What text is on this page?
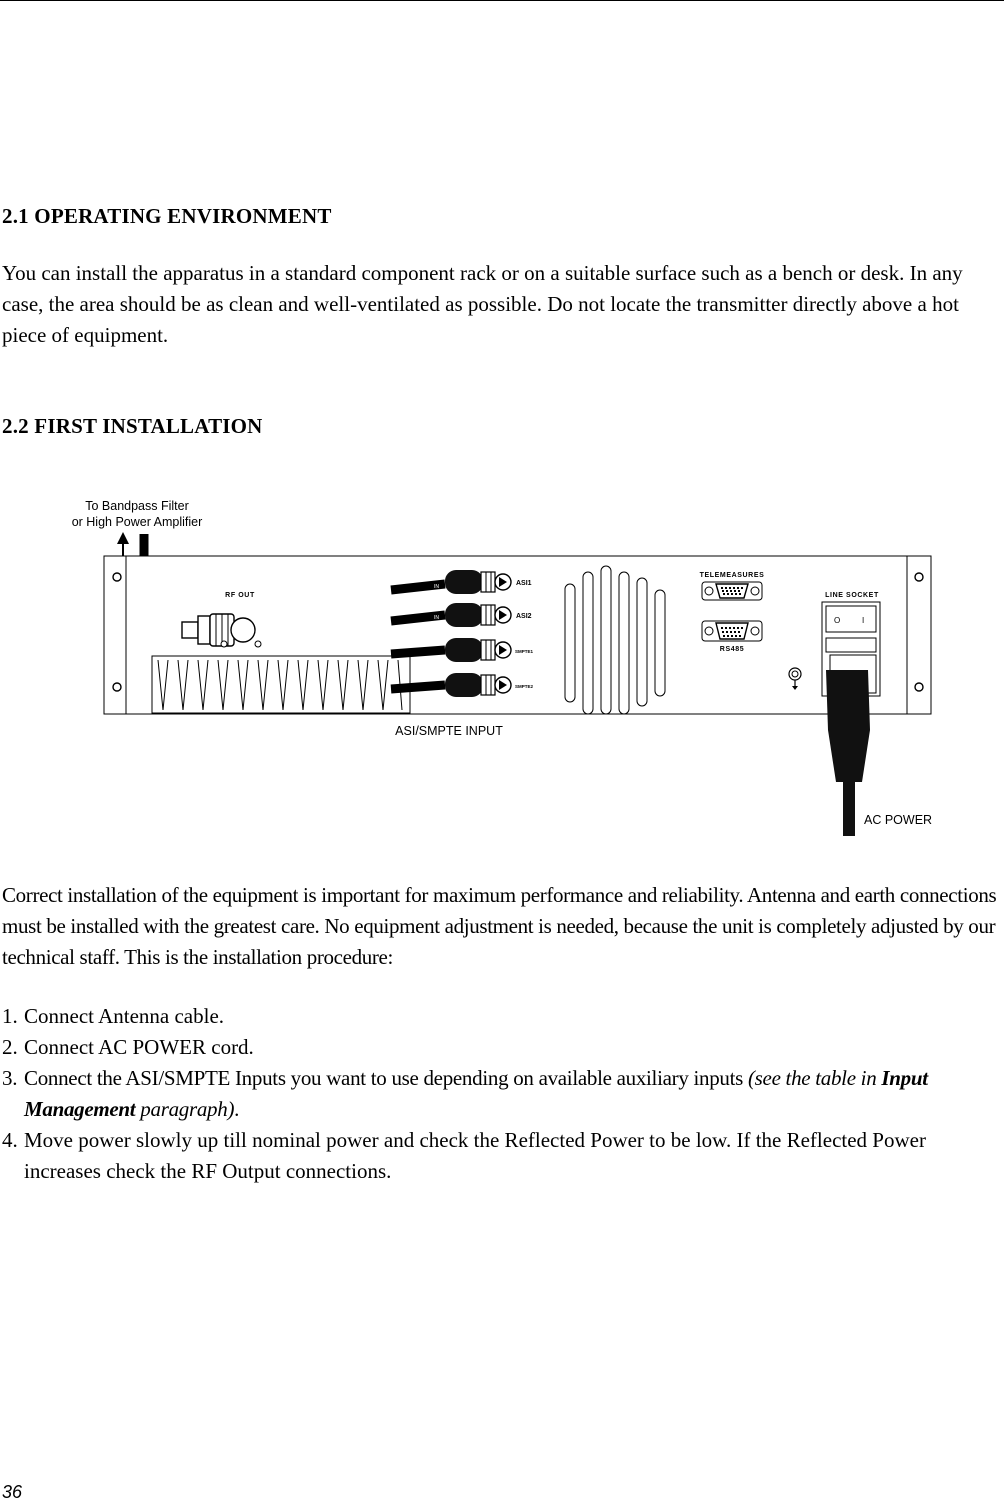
2.1 OPERATING ENVIRONMENT
You can install the apparatus in a standard component rack or on a suitable surface such as a bench or desk. In any case, the area should be as clean and well-ventilated as possible. Do not locate the transmitter directly above a hot piece of equipment.
2.2 FIRST INSTALLATION
To Bandpass Filter
or High Power Amplifier
RF OUT
IN
IN
ASI1
ASI2
SMPTE1
SMPTE2
TELEMEASURES
RS485
LINE SOCKET
O	I
ASI/SMPTE INPUT
AC POWER
Correct installation of the equipment is important for maximum performance and reliability. Antenna and earth connections must be installed with the greatest care. No equipment adjustment is needed, because the unit is completely adjusted by our technical staff. This is the installation procedure:
1. Connect Antenna cable.
2. Connect AC POWER cord.
3. Connect the ASI/SMPTE Inputs you want to use depending on available auxiliary inputs (see the table in Input Management paragraph).
4. Move power slowly up till nominal power and check the Reflected Power to be low. If the Reflected Power increases check the RF Output connections.
36
